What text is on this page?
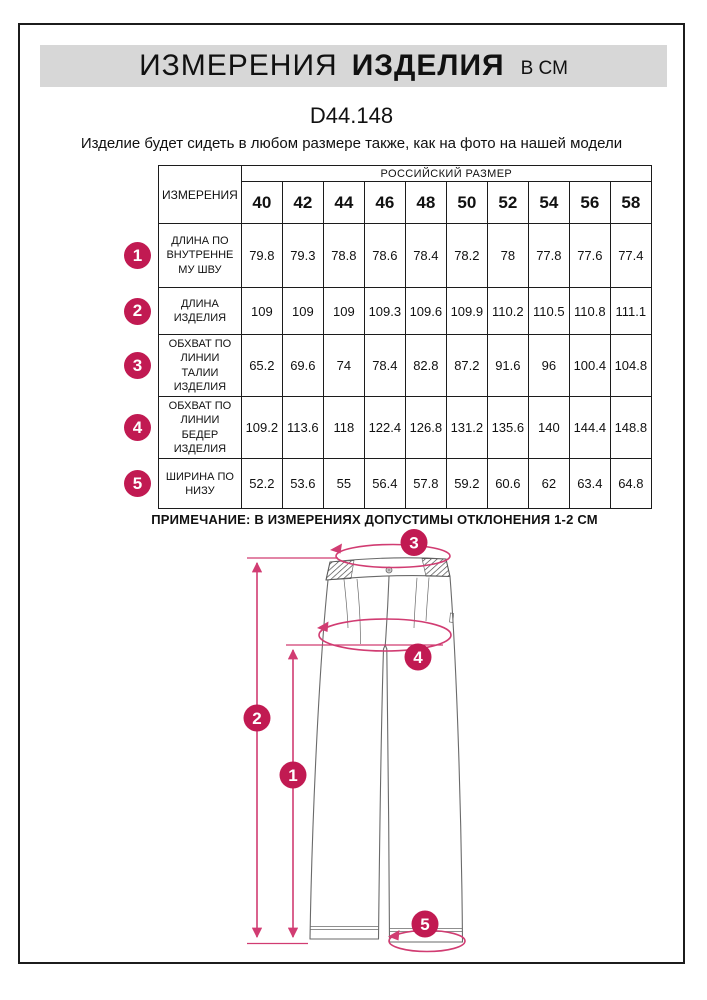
ИЗМЕРЕНИЯ ИЗДЕЛИЯ В СМ
D44.148
Изделие будет сидеть в любом размере также, как на фото на нашей модели
ИЗМЕРЕНИЯ	РОССИЙСКИЙ РАЗМЕР									
	40	42	44	46	48	50	52	54	56	58
ДЛИНА ПО ВНУТРЕННЕМУ ШВУ	79.8	79.3	78.8	78.6	78.4	78.2	78	77.8	77.6	77.4
ДЛИНА ИЗДЕЛИЯ	109	109	109	109.3	109.6	109.9	110.2	110.5	110.8	111.1
ОБХВАТ ПО ЛИНИИ ТАЛИИ ИЗДЕЛИЯ	65.2	69.6	74	78.4	82.8	87.2	91.6	96	100.4	104.8
ОБХВАТ ПО ЛИНИИ БЕДЕР ИЗДЕЛИЯ	109.2	113.6	118	122.4	126.8	131.2	135.6	140	144.4	148.8
ШИРИНА ПО НИЗУ	52.2	53.6	55	56.4	57.8	59.2	60.6	62	63.4	64.8
1
2
3
4
5
ПРИМЕЧАНИЕ: В ИЗМЕРЕНИЯХ ДОПУСТИМЫ ОТКЛОНЕНИЯ 1-2 СМ
3
4
2
1
5
